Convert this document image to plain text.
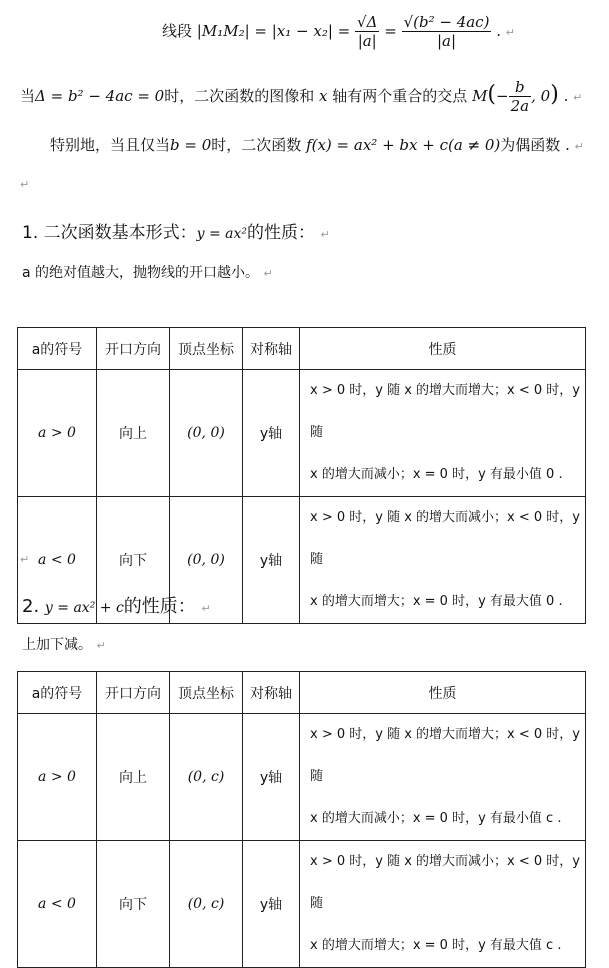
线段 $|M_1M_2| = |x_1 - x_2| = \frac{√\Delta}{|a|} = \frac{\text{√(b² − 4ac)}}{|a|}$ . ↵
当Δ = b² − 4ac = 0时，二次函数的图像和 x 轴有两个重合的交点 $M(- \frac{b}{2a}$ , 0) . ↵
特别地，当且仅当b = 0时，二次函数 f(x) = ax² + bx + c(a ≠ 0)为偶函数 . ↵
↵
1. 二次函数基本形式：y = ax²的性质： ↵
a 的绝对值越大，抛物线的开口越小。 ↵
a的符号	开口方向	顶点坐标	对称轴	性质
a > 0	向上	(0, 0)	y轴	x > 0 时，y 随 x 的增大而增大；x < 0 时，y 随
x 的增大而减小；x = 0 时，y 有最小值 0 .

a < 0	向下	(0, 0)	y轴	x > 0 时，y 随 x 的增大而减小；x < 0 时，y 随
x 的增大而增大；x = 0 时，y 有最大值 0 .
↵
2. y = ax² + c的性质： ↵
上加下减。 ↵
a的符号	开口方向	顶点坐标	对称轴	性质
a > 0	向上	(0, c)	y轴	x > 0 时，y 随 x 的增大而增大；x < 0 时，y 随
x 的增大而减小；x = 0 时，y 有最小值 c .

a < 0	向下	(0, c)	y轴	x > 0 时，y 随 x 的增大而减小；x < 0 时，y 随
x 的增大而增大；x = 0 时，y 有最大值 c .
